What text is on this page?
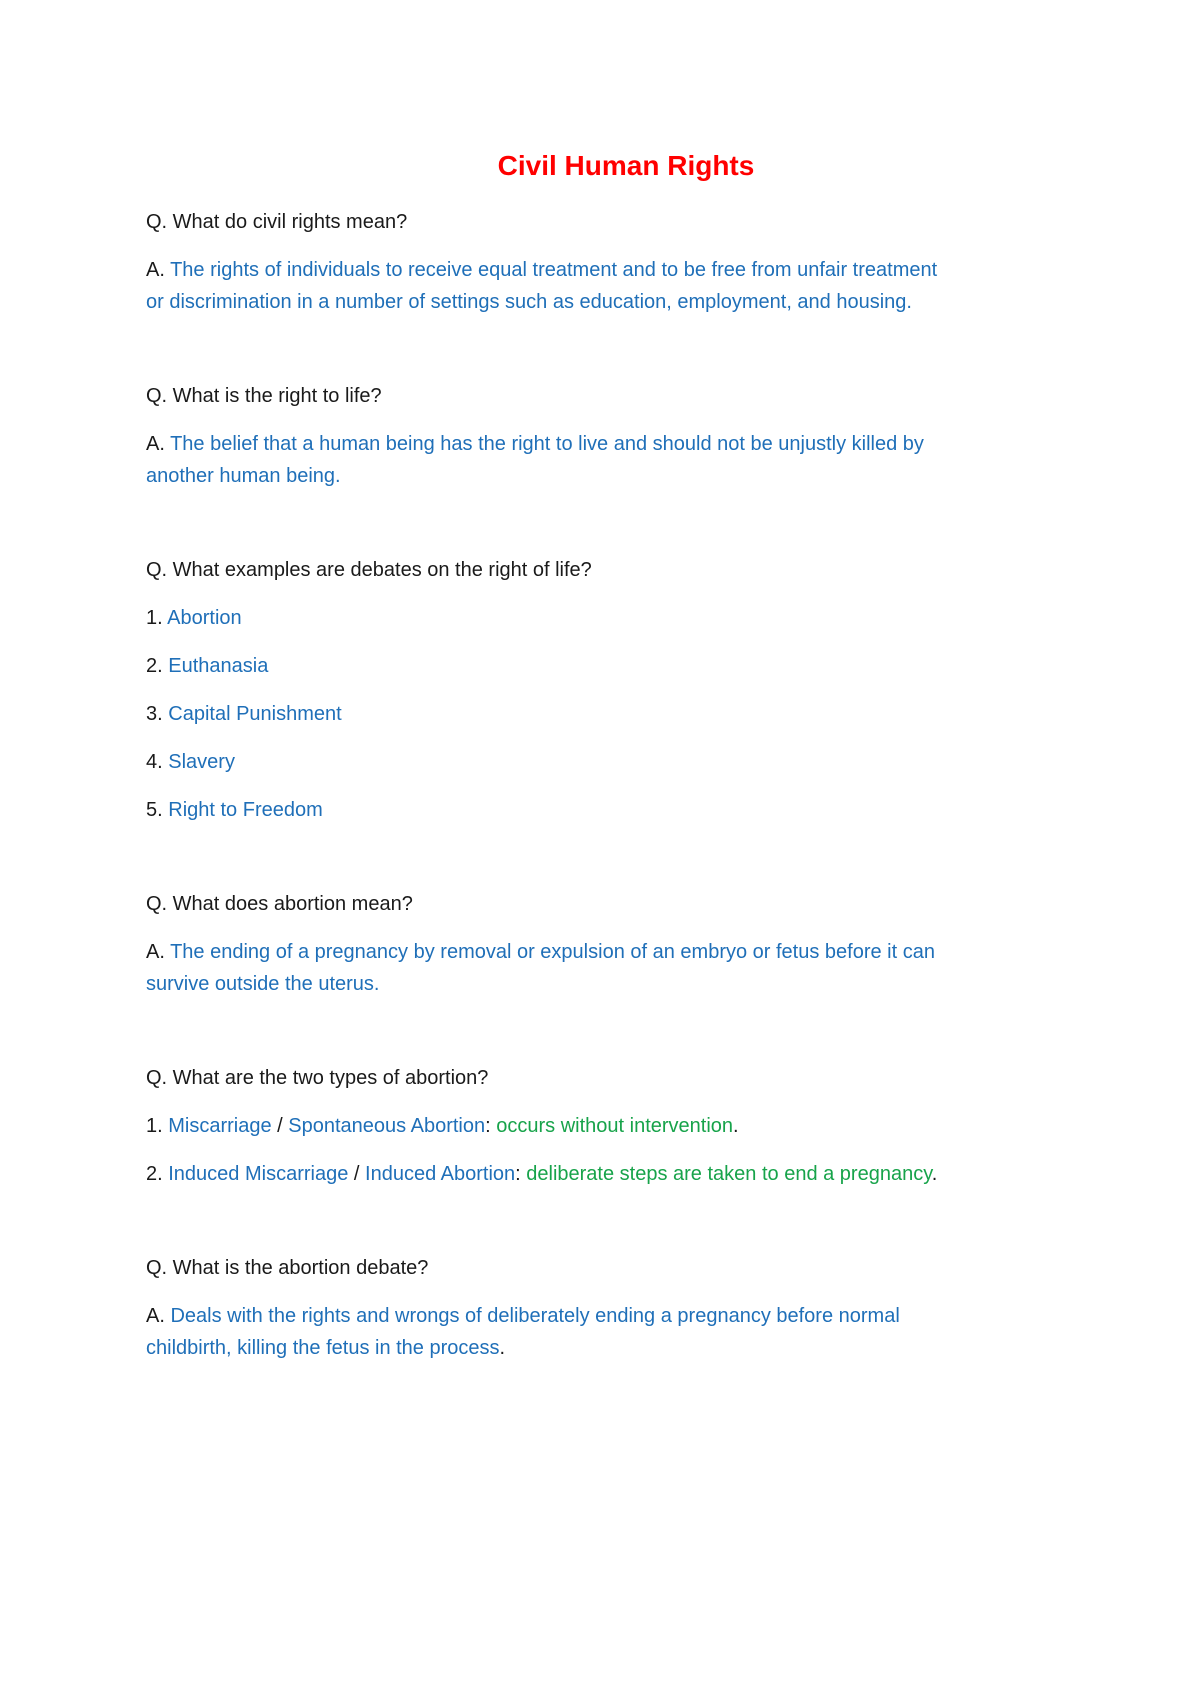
Civil Human Rights
Q. What do civil rights mean?
A. The rights of individuals to receive equal treatment and to be free from unfair treatment
or discrimination in a number of settings such as education, employment, and housing.
Q. What is the right to life?
A. The belief that a human being has the right to live and should not be unjustly killed by
another human being.
Q. What examples are debates on the right of life?
1. Abortion
2. Euthanasia
3. Capital Punishment
4. Slavery
5. Right to Freedom
Q. What does abortion mean?
A. The ending of a pregnancy by removal or expulsion of an embryo or fetus before it can
survive outside the uterus.
Q. What are the two types of abortion?
1. Miscarriage / Spontaneous Abortion: occurs without intervention.
2. Induced Miscarriage / Induced Abortion: deliberate steps are taken to end a pregnancy.
Q. What is the abortion debate?
A. Deals with the rights and wrongs of deliberately ending a pregnancy before normal
childbirth, killing the fetus in the process.
